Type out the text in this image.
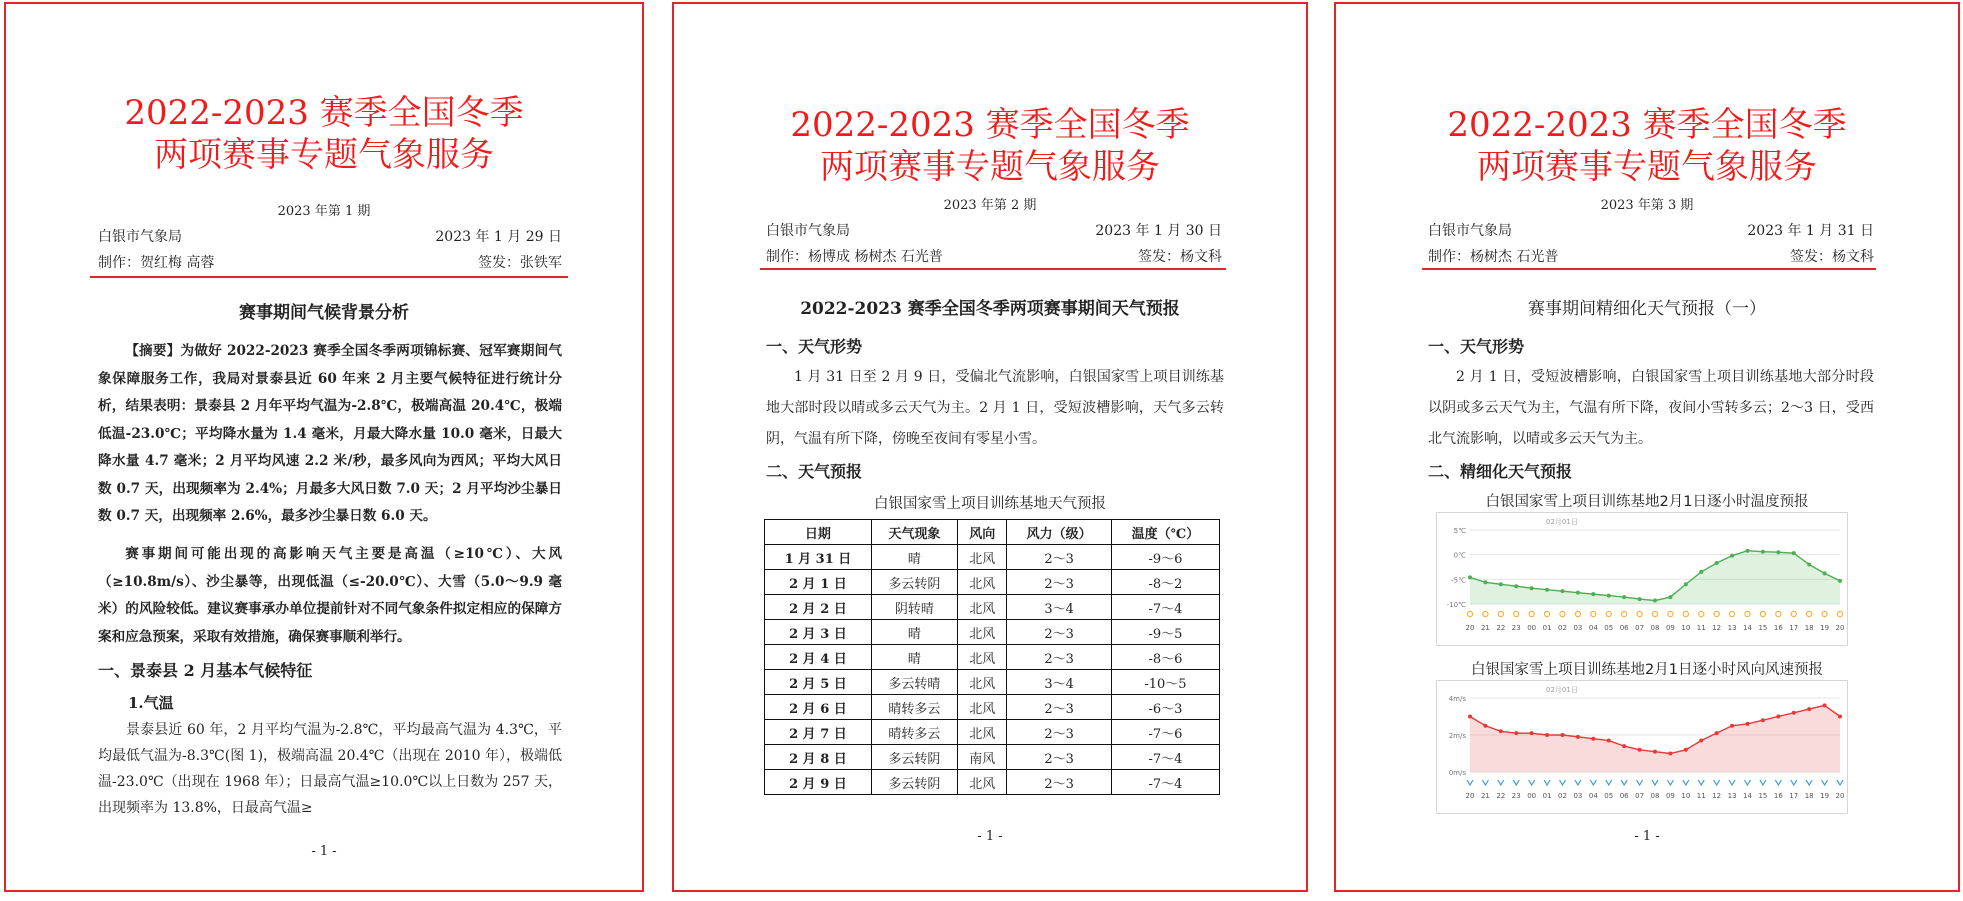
2022-2023 赛季全国冬季
两项赛事专题气象服务
2023 年第 1 期
白银市气象局	2023 年 1 月 29 日
制作：贺红梅 高蓉	签发：张铁军
赛事期间气候背景分析
【摘要】为做好 2022-2023 赛季全国冬季两项锦标赛、冠军赛期间气象保障服务工作，我局对景泰县近 60 年来 2 月主要气候特征进行统计分析，结果表明：景泰县 2 月年平均气温为-2.8℃，极端高温 20.4℃，极端低温-23.0℃；平均降水量为 1.4 毫米，月最大降水量 10.0 毫米，日最大降水量 4.7 毫米；2 月平均风速 2.2 米/秒，最多风向为西风；平均大风日数 0.7 天，出现频率为 2.4%；月最多大风日数 7.0 天；2 月平均沙尘暴日数 0.7 天，出现频率 2.6%，最多沙尘暴日数 6.0 天。
赛事期间可能出现的高影响天气主要是高温（≥10℃）、大风（≥10.8m/s）、沙尘暴等，出现低温（≤-20.0℃）、大雪（5.0～9.9 毫米）的风险较低。建议赛事承办单位提前针对不同气象条件拟定相应的保障方案和应急预案，采取有效措施，确保赛事顺利举行。
一、景泰县 2 月基本气候特征
1.气温
景泰县近 60 年，2 月平均气温为-2.8℃，平均最高气温为 4.3℃，平均最低气温为-8.3℃(图 1)，极端高温 20.4℃（出现在 2010 年），极端低温-23.0℃（出现在 1968 年）；日最高气温≥10.0℃以上日数为 257 天，出现频率为 13.8%，日最高气温≥
- 1 -
2022-2023 赛季全国冬季
两项赛事专题气象服务
2023 年第 2 期
白银市气象局	2023 年 1 月 30 日
制作：杨博成 杨树杰 石光普	签发：杨文科
2022-2023 赛季全国冬季两项赛事期间天气预报
一、天气形势
1 月 31 日至 2 月 9 日，受偏北气流影响，白银国家雪上项目训练基地大部时段以晴或多云天气为主。2 月 1 日，受短波槽影响，天气多云转阴，气温有所下降，傍晚至夜间有零星小雪。
二、天气预报
白银国家雪上项目训练基地天气预报
日期	天气现象	风向	风力（级）	温度（℃）
1 月 31 日	晴	北风	2～3	-9～6
2 月 1 日	多云转阴	北风	2～3	-8～2
2 月 2 日	阴转晴	北风	3～4	-7～4
2 月 3 日	晴	北风	2～3	-9～5
2 月 4 日	晴	北风	2～3	-8～6
2 月 5 日	多云转晴	北风	3～4	-10～5
2 月 6 日	晴转多云	北风	2～3	-6～3
2 月 7 日	晴转多云	北风	2～3	-7～6
2 月 8 日	多云转阴	南风	2～3	-7～4
2 月 9 日	多云转阴	北风	2～3	-7～4
- 1 -
2022-2023 赛季全国冬季
两项赛事专题气象服务
2023 年第 3 期
白银市气象局	2023 年 1 月 31 日
制作：杨树杰 石光普	签发：杨文科
赛事期间精细化天气预报（一）
一、天气形势
2 月 1 日，受短波槽影响，白银国家雪上项目训练基地大部分时段以阴或多云天气为主，气温有所下降，夜间小雪转多云；2～3 日，受西北气流影响，以晴或多云天气为主。
二、精细化天气预报
白银国家雪上项目训练基地2月1日逐小时温度预报
02月01日
5℃
0℃
-5℃
-10℃
20 21 22 23 00 01 02 03 04 05 06 07 08 09 10 11 12 13 14 15 16 17 18 19 20
白银国家雪上项目训练基地2月1日逐小时风向风速预报
02月01日
4m/s
2m/s
0m/s
20 21 22 23 00 01 02 03 04 05 06 07 08 09 10 11 12 13 14 15 16 17 18 19 20
- 1 -
